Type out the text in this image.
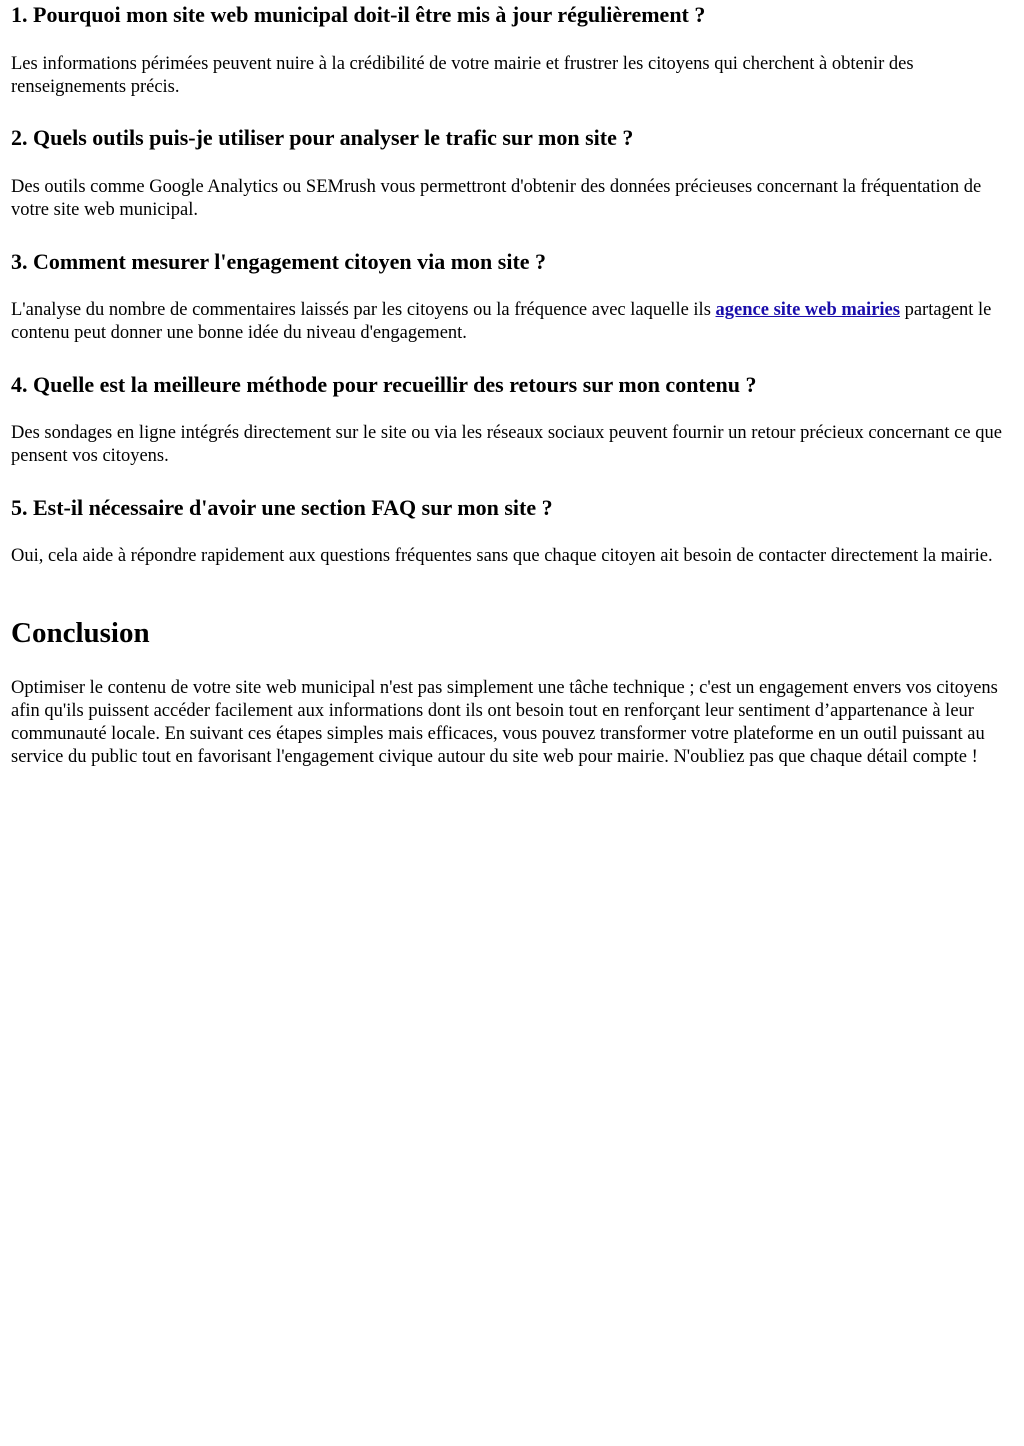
1. Pourquoi mon site web municipal doit-il être mis à jour régulièrement ?

Les informations périmées peuvent nuire à la crédibilité de votre mairie et frustrer les citoyens qui cherchent à obtenir des renseignements précis.

2. Quels outils puis-je utiliser pour analyser le trafic sur mon site ?

Des outils comme Google Analytics ou SEMrush vous permettront d'obtenir des données précieuses concernant la fréquentation de votre site web municipal.

3. Comment mesurer l'engagement citoyen via mon site ?

L'analyse du nombre de commentaires laissés par les citoyens ou la fréquence avec laquelle ils agence site web mairies partagent le contenu peut donner une bonne idée du niveau d'engagement.

4. Quelle est la meilleure méthode pour recueillir des retours sur mon contenu ?

Des sondages en ligne intégrés directement sur le site ou via les réseaux sociaux peuvent fournir un retour précieux concernant ce que pensent vos citoyens.

5. Est-il nécessaire d'avoir une section FAQ sur mon site ?

Oui, cela aide à répondre rapidement aux questions fréquentes sans que chaque citoyen ait besoin de contacter directement la mairie.

Conclusion

Optimiser le contenu de votre site web municipal n'est pas simplement une tâche technique ; c'est un engagement envers vos citoyens afin qu'ils puissent accéder facilement aux informations dont ils ont besoin tout en renforçant leur sentiment d’appartenance à leur communauté locale. En suivant ces étapes simples mais efficaces, vous pouvez transformer votre plateforme en un outil puissant au service du public tout en favorisant l'engagement civique autour du site web pour mairie. N'oubliez pas que chaque détail compte !
